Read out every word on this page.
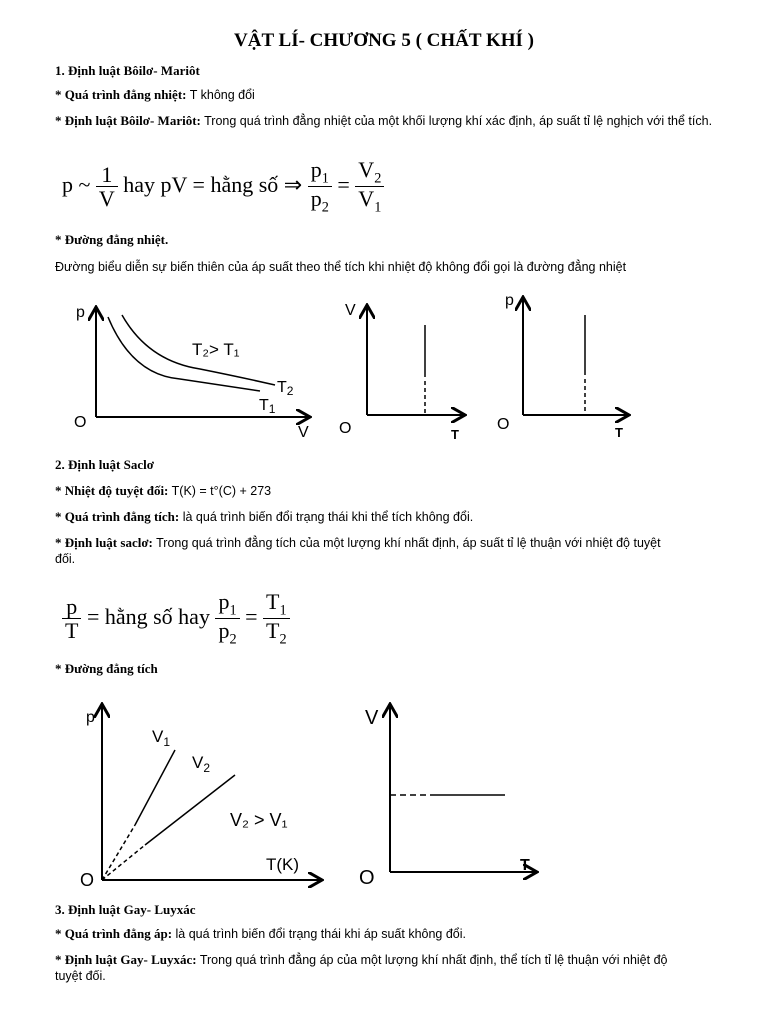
VẬT LÍ- CHƯƠNG 5 ( CHẤT KHÍ )
1. Định luật Bôilơ- Mariôt
* Quá trình đẳng nhiệt: T không đổi
* Định luật Bôilơ- Mariôt: Trong quá trình đẳng nhiệt của một khối lượng khí xác định, áp suất tỉ lệ nghịch với thể tích.
p ~ $\frac{1}{V}$ hay pV = hằng số ⇒ $\frac{p_1}{p_2} = \frac{V_2}{V_1}$
* Đường đẳng nhiệt.
Đường biểu diễn sự biến thiên của áp suất theo thể tích khi nhiệt độ không đổi gọi là đường đẳng nhiệt
p
V
O
T₂> T₁
T2
T1
V
T
O
p
T
O
2. Định luật Saclơ
* Nhiệt độ tuyệt đối: T(K) = t°(C) + 273
* Quá trình đẳng tích: là quá trình biến đổi trạng thái khi thể tích không đổi.
* Định luật saclơ: Trong quá trình đẳng tích của một lượng khí nhất định, áp suất tỉ lệ thuận với nhiệt độ tuyệt đối.
$\frac{p}{T}$ = hằng số hay $\frac{p_1}{p_2} = \frac{T_1}{T_2}$
* Đường đẳng tích
p
T(K)
O
$V_1$
$V_2$
V₂ > V₁
V
T
O
3. Định luật Gay- Luyxác
* Quá trình đẳng áp: là quá trình biến đổi trạng thái khi áp suất không đổi.
* Định luật Gay- Luyxác: Trong quá trình đẳng áp của một lượng khí nhất định, thể tích tỉ lệ thuận với nhiệt độ tuyệt đối.
